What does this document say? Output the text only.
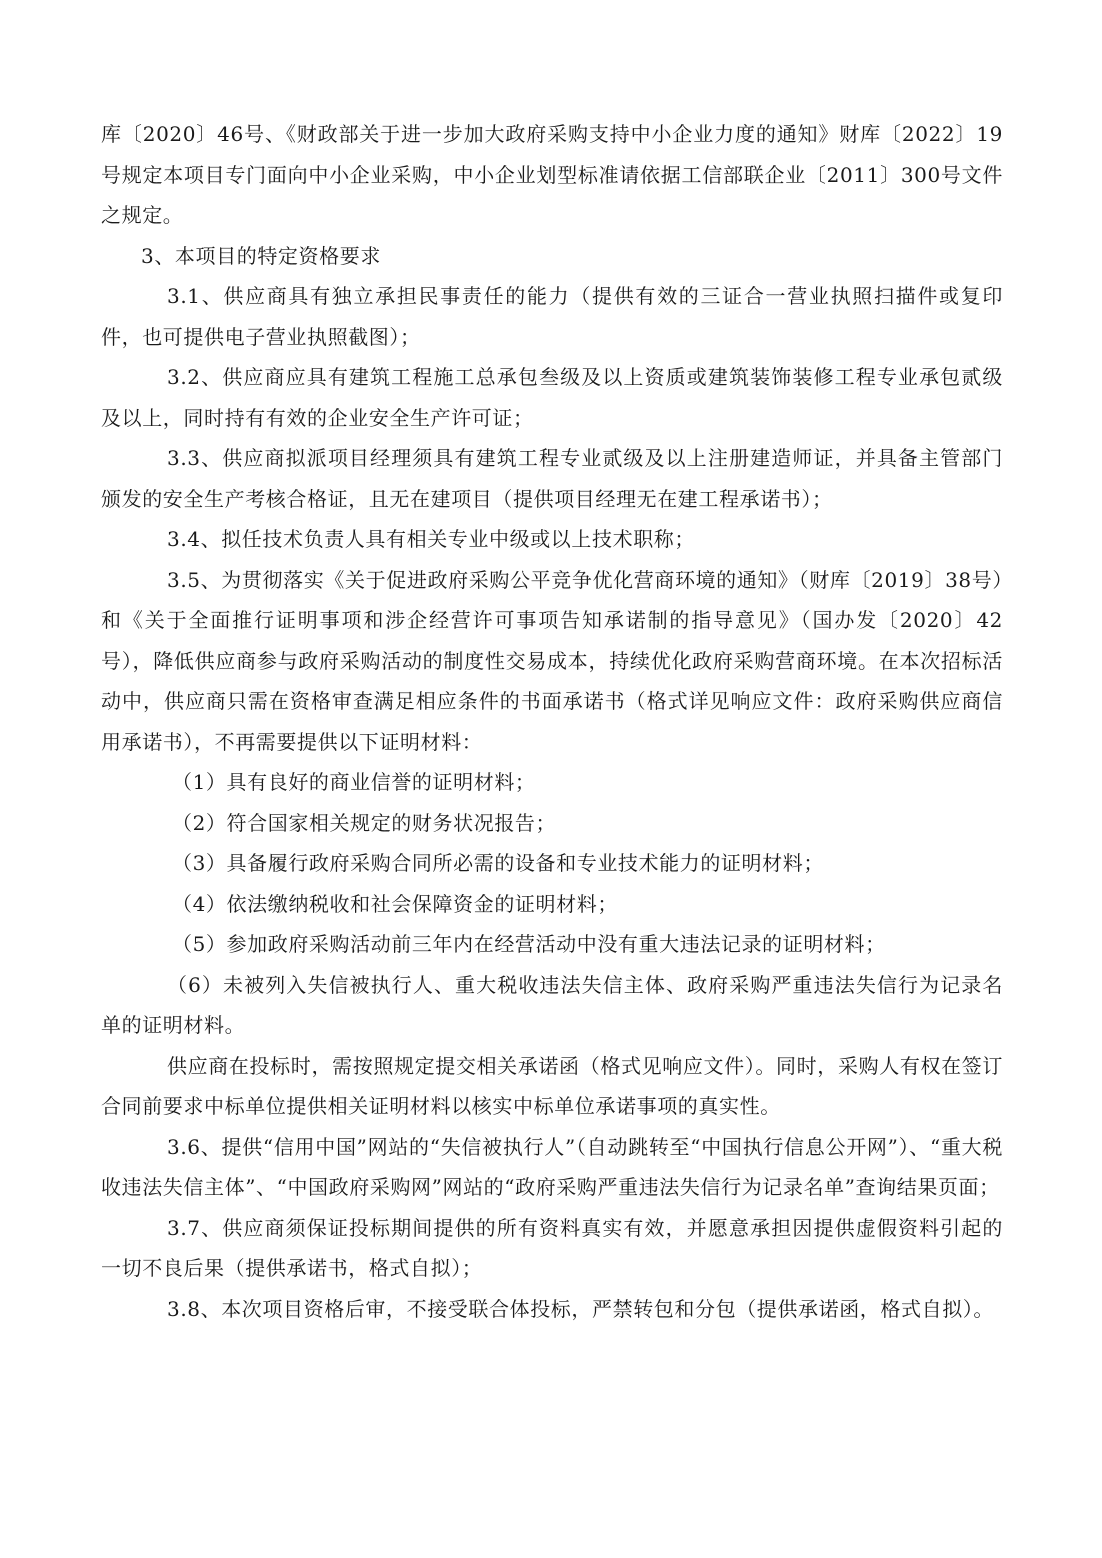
库〔2020〕46号、《财政部关于进一步加大政府采购支持中小企业力度的通知》财库〔2022〕19号规定本项目专门面向中小企业采购，中小企业划型标准请依据工信部联企业〔2011〕300号文件之规定。

3、本项目的特定资格要求

3.1、供应商具有独立承担民事责任的能力（提供有效的三证合一营业执照扫描件或复印件，也可提供电子营业执照截图）；

3.2、供应商应具有建筑工程施工总承包叁级及以上资质或建筑装饰装修工程专业承包贰级及以上，同时持有有效的企业安全生产许可证；

3.3、供应商拟派项目经理须具有建筑工程专业贰级及以上注册建造师证，并具备主管部门颁发的安全生产考核合格证，且无在建项目（提供项目经理无在建工程承诺书）；

3.4、拟任技术负责人具有相关专业中级或以上技术职称；

3.5、为贯彻落实《关于促进政府采购公平竞争优化营商环境的通知》（财库〔2019〕38号）和《关于全面推行证明事项和涉企经营许可事项告知承诺制的指导意见》（国办发〔2020〕42号），降低供应商参与政府采购活动的制度性交易成本，持续优化政府采购营商环境。在本次招标活动中，供应商只需在资格审查满足相应条件的书面承诺书（格式详见响应文件：政府采购供应商信用承诺书），不再需要提供以下证明材料：

（1）具有良好的商业信誉的证明材料；

（2）符合国家相关规定的财务状况报告；

（3）具备履行政府采购合同所必需的设备和专业技术能力的证明材料；

（4）依法缴纳税收和社会保障资金的证明材料；

（5）参加政府采购活动前三年内在经营活动中没有重大违法记录的证明材料；

（6）未被列入失信被执行人、重大税收违法失信主体、政府采购严重违法失信行为记录名单的证明材料。

供应商在投标时，需按照规定提交相关承诺函（格式见响应文件）。同时，采购人有权在签订合同前要求中标单位提供相关证明材料以核实中标单位承诺事项的真实性。

3.6、提供“信用中国”网站的“失信被执行人”（自动跳转至“中国执行信息公开网”）、“重大税收违法失信主体”、“中国政府采购网”网站的“政府采购严重违法失信行为记录名单”查询结果页面；

3.7、供应商须保证投标期间提供的所有资料真实有效，并愿意承担因提供虚假资料引起的一切不良后果（提供承诺书，格式自拟）；

3.8、本次项目资格后审，不接受联合体投标，严禁转包和分包（提供承诺函，格式自拟）。
